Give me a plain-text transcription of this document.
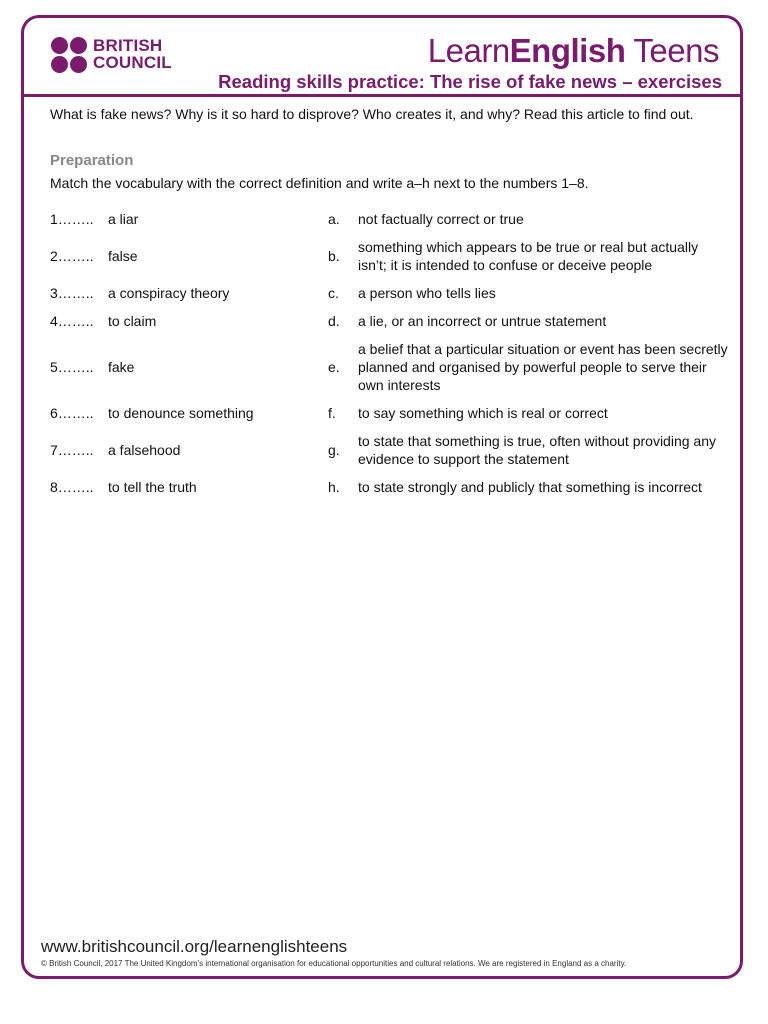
BRITISH
COUNCIL	LearnEnglish Teens
Reading skills practice: The rise of fake news – exercises
What is fake news? Why is it so hard to disprove? Who creates it, and why? Read this article to find out.
Preparation
Match the vocabulary with the correct definition and write a–h next to the numbers 1–8.
1……..	a liar	a.	not factually correct or true
2……..	false	b.
something which appears to be true or real but actually isn’t; it is intended to confuse or deceive people
3……..	a conspiracy theory	c.	a person who tells lies
4……..	to claim	d.	a lie, or an incorrect or untrue statement
5……..	fake	e.
a belief that a particular situation or event has been secretly planned and organised by powerful people to serve their own interests
6……..	to denounce something	f.	to say something which is real or correct
7……..	a falsehood	g.
to state that something is true, often without providing any evidence to support the statement
8……..	to tell the truth	h.	to state strongly and publicly that something is incorrect
www.britishcouncil.org/learnenglishteens
© British Council, 2017 The United Kingdom’s international organisation for educational opportunities and cultural relations. We are registered in England as a charity.
